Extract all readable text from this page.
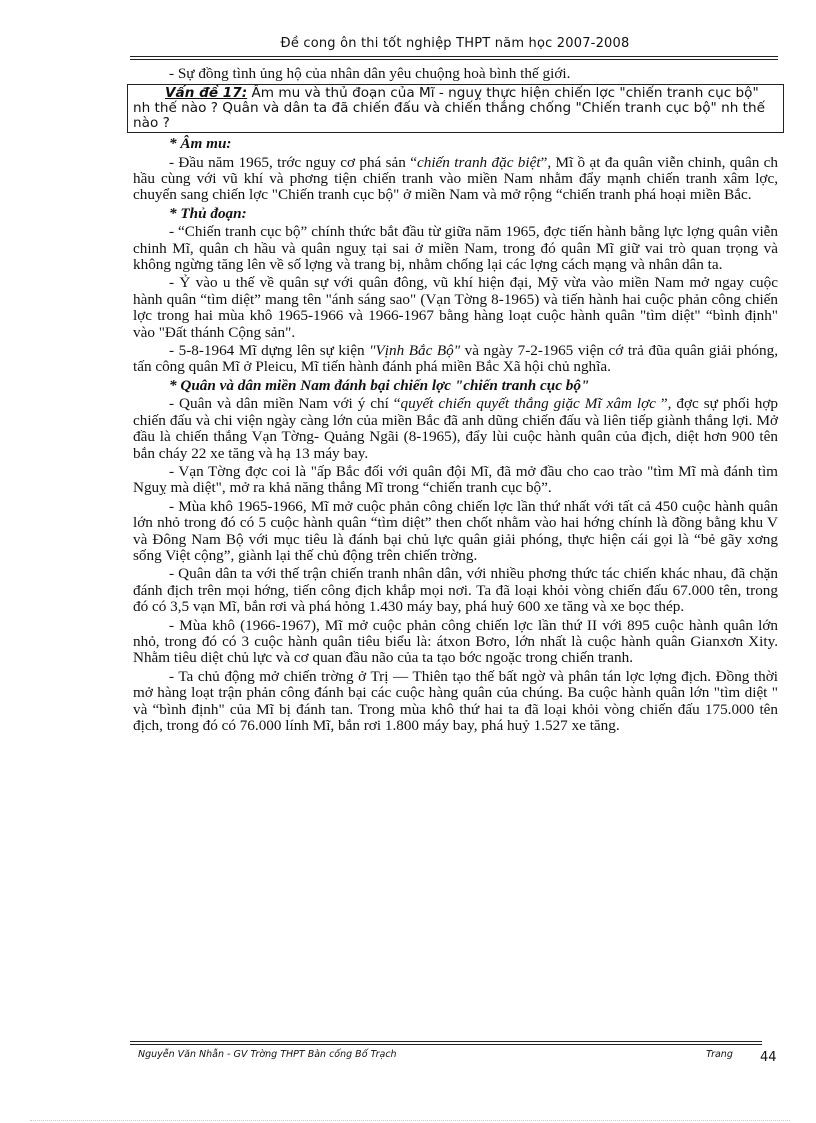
Đề cong ôn thi tốt nghiệp THPT năm học 2007-2008

- Sự đồng tình ủng hộ của nhân dân yêu chuộng hoà bình thế giới.

Vấn đề 17: Âm mu và thủ đoạn của Mĩ - nguỵ thực hiện chiến lợc "chiến tranh cục bộ" nh thế nào ? Quân và dân ta đã chiến đấu và chiến thắng chống "Chiến tranh cục bộ" nh thế nào ?
* Âm mu:

- Đầu năm 1965, trớc nguy cơ phá sản “chiến tranh đặc biệt”, Mĩ ồ ạt đa quân viễn chinh, quân ch hầu cùng với vũ khí và phơng tiện chiến tranh vào miền Nam nhằm đẩy mạnh chiến tranh xâm lợc, chuyển sang chiến lợc "Chiến tranh cục bộ" ở miền Nam và mở rộng “chiến tranh phá hoại miền Bắc.

* Thủ đoạn:

- “Chiến tranh cục bộ” chính thức bắt đầu từ giữa năm 1965, đợc tiến hành bằng lực lợng quân viễn chinh Mĩ, quân ch hầu và quân nguỵ tại sai ở miền Nam, trong đó quân Mĩ giữ vai trò quan trọng và không ngừng tăng lên về số lợng và trang bị, nhằm chống lại các lợng cách mạng và nhân dân ta.

- Ỷ vào u thế về quân sự với quân đông, vũ khí hiện đại, Mỹ vừa vào miền Nam mở ngay cuộc hành quân “tìm diệt” mang tên "ánh sáng sao" (Vạn Tờng 8-1965) và tiến hành hai cuộc phản công chiến lợc trong hai mùa khô 1965-1966 và 1966-1967 bằng hàng loạt cuộc hành quân "tìm diệt" “bình định" vào "Đất thánh Cộng sản".

- 5-8-1964 Mĩ dựng lên sự kiện "Vịnh Bắc Bộ" và ngày 7-2-1965 viện cớ trả đũa quân giải phóng, tấn công quân Mĩ ở Pleicu, Mĩ tiến hành đánh phá miền Bắc Xã hội chủ nghĩa.

* Quân và dân miền Nam đánh bại chiến lợc "chiến tranh cục bộ"

- Quân và dân miền Nam với ý chí “quyết chiến quyết thắng giặc Mĩ xâm lợc ”, đợc sự phối hợp chiến đấu và chi viện ngày càng lớn của miền Bắc đã anh dũng chiến đấu và liên tiếp giành thắng lợi. Mở đầu là chiến thắng Vạn Tờng- Quảng Ngãi (8-1965), đẩy lùi cuộc hành quân của địch, diệt hơn 900 tên bắn cháy 22 xe tăng và hạ 13 máy bay.

- Vạn Tờng đợc coi là "ấp Bắc đối với quân đội Mĩ, đã mở đầu cho cao trào "tìm Mĩ mà đánh tìm Nguỵ mà diệt", mở ra khả năng thắng Mĩ trong “chiến tranh cục bộ”.

- Mùa khô 1965-1966, Mĩ mở cuộc phản công chiến lợc lần thứ nhất với tất cả 450 cuộc hành quân lớn nhỏ trong đó có 5 cuộc hành quân “tìm diệt” then chốt nhằm vào hai hớng chính là đồng bằng khu V và Đông Nam Bộ với mục tiêu là đánh bại chủ lực quân giải phóng, thực hiện cái gọi là “bẻ gãy xơng sống Việt cộng”, giành lại thế chủ động trên chiến trờng.

- Quân dân ta với thế trận chiến tranh nhân dân, với nhiều phơng thức tác chiến khác nhau, đã chặn đánh địch trên mọi hớng, tiến công địch khắp mọi nơi. Ta đã loại khỏi vòng chiến đấu 67.000 tên, trong đó có 3,5 vạn Mĩ, bắn rơi và phá hỏng 1.430 máy bay, phá huỷ 600 xe tăng và xe bọc thép.

- Mùa khô (1966-1967), Mĩ mở cuộc phản công chiến lợc lần thứ II với 895 cuộc hành quân lớn nhỏ, trong đó có 3 cuộc hành quân tiêu biểu là: átxon Bơro, lớn nhất là cuộc hành quân Gianxơn Xity. Nhằm tiêu diệt chủ lực và cơ quan đầu não của ta tạo bớc ngoặc trong chiến tranh.

- Ta chủ động mở chiến trờng ở Trị — Thiên tạo thế bất ngờ và phân tán lợc lợng địch. Đồng thời mở hàng loạt trận phản công đánh bại các cuộc hàng quân của chúng. Ba cuộc hành quân lớn "tìm diệt " và “bình định" của Mĩ bị đánh tan. Trong mùa khô thứ hai ta đã loại khỏi vòng chiến đấu 175.000 tên địch, trong đó có 76.000 lính Mĩ, bắn rơi 1.800 máy bay, phá huỷ 1.527 xe tăng.

Nguyễn Văn Nhẫn - GV Trờng THPT Bàn cống Bố Trạch	Trang 44
